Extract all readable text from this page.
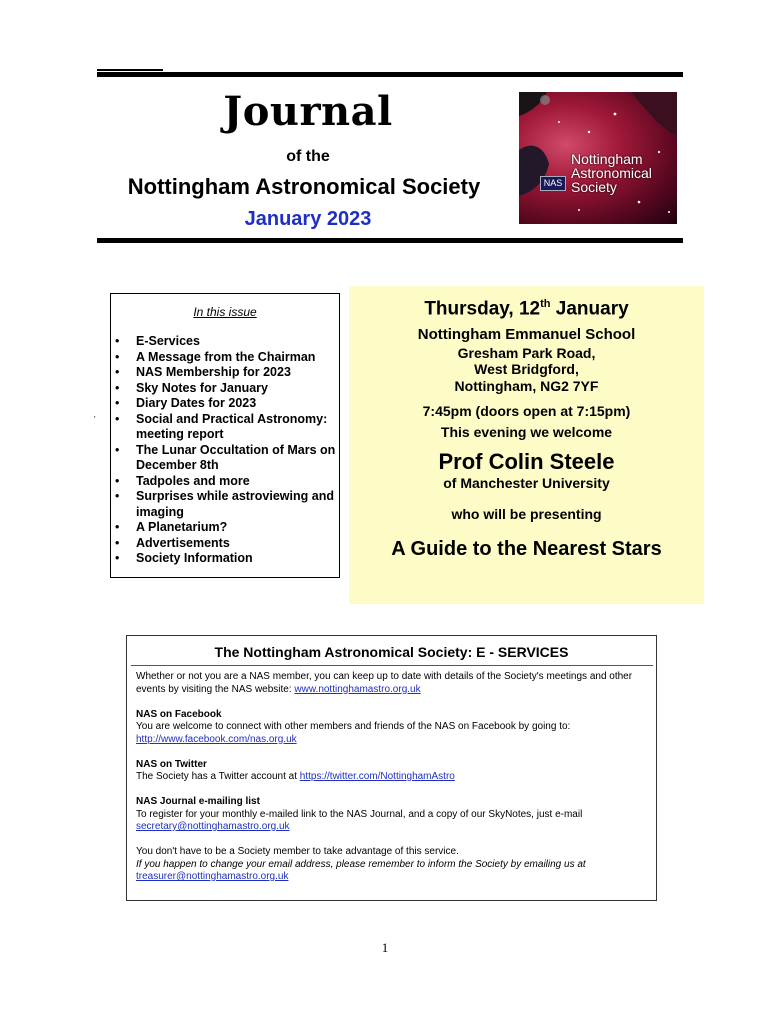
Journal
of the
Nottingham Astronomical Society
January 2023
NAS
Nottingham
Astronomical
Society
In this issue
• E-Services
• A Message from the Chairman
• NAS Membership for 2023
• Sky Notes for January
• Diary Dates for 2023
• Social and Practical Astronomy: meeting report
• The Lunar Occultation of Mars on December 8th
• Tadpoles and more
• Surprises while astroviewing and imaging
• A Planetarium?
• Advertisements
• Society Information
Thursday, 12th January
Nottingham Emmanuel School
Gresham Park Road,
West Bridgford,
Nottingham, NG2 7YF
7:45pm (doors open at 7:15pm)
This evening we welcome
Prof Colin Steele
of Manchester University
who will be presenting
A Guide to the Nearest Stars
The Nottingham Astronomical Society: E - SERVICES

Whether or not you are a NAS member, you can keep up to date with details of the Society's meetings and other events by visiting the NAS website: www.nottinghamastro.org.uk

NAS on Facebook
You are welcome to connect with other members and friends of the NAS on Facebook by going to: http://www.facebook.com/nas.org.uk

NAS on Twitter
The Society has a Twitter account at https://twitter.com/NottinghamAstro

NAS Journal e-mailing list
To register for your monthly e-mailed link to the NAS Journal, and a copy of our SkyNotes, just e-mail secretary@nottinghamastro.org.uk

You don't have to be a Society member to take advantage of this service.
If you happen to change your email address, please remember to inform the Society by emailing us at treasurer@nottinghamastro.org.uk

'
1
